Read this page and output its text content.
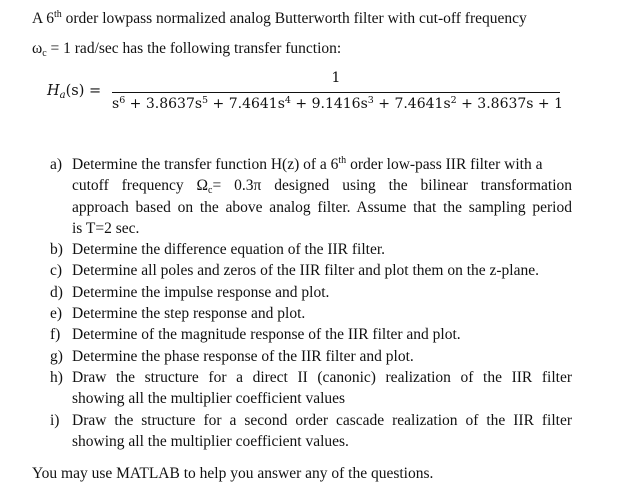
A 6th order lowpass normalized analog Butterworth filter with cut-off frequency
$\omega_c = 1$ rad/sec has the following transfer function:
$H_a(s)$ =
1
$s^6 + 3.8637s^5 + 7.4641s^4 + 9.1416s^3 + 7.4641s^2 + 3.8637s + 1$
a) Determine the transfer function H(z) of a 6th order low-pass IIR filter with a
cutoff frequency $\Omega_c= 0.3\pi$ designed using the bilinear transformation
approach based on the above analog filter. Assume that the sampling period
is T=2 sec.
b) Determine the difference equation of the IIR filter.
c) Determine all poles and zeros of the IIR filter and plot them on the z-plane.
d) Determine the impulse response and plot.
e) Determine the step response and plot.
f) Determine of the magnitude response of the IIR filter and plot.
g) Determine the phase response of the IIR filter and plot.
h) Draw the structure for a direct II (canonic) realization of the IIR filter
showing all the multiplier coefficient values
i) Draw the structure for a second order cascade realization of the IIR filter
showing all the multiplier coefficient values.
You may use MATLAB to help you answer any of the questions.
